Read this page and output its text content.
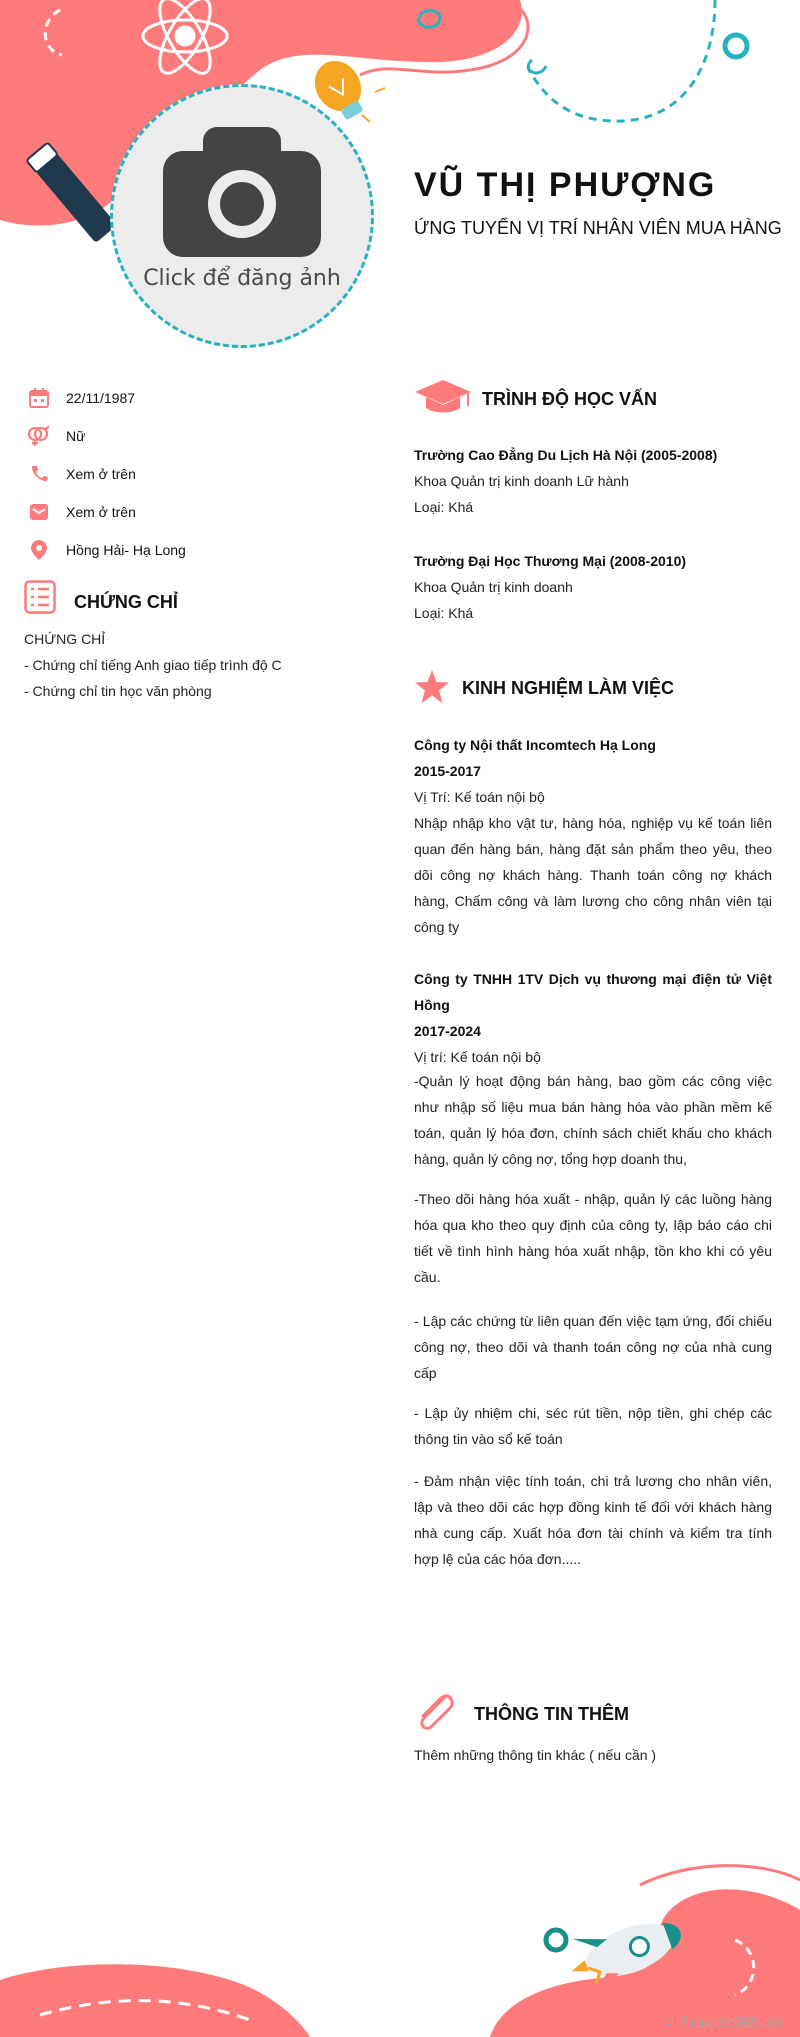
Click để đăng ảnh
VŨ THỊ PHƯỢNG
ỨNG TUYỂN VỊ TRÍ NHÂN VIÊN MUA HÀNG
22/11/1987
Nữ
Xem ở trên
Xem ở trên
Hồng Hải- Hạ Long
CHỨNG CHỈ
CHỨNG CHỈ
- Chứng chỉ tiếng Anh giao tiếp trình độ C
- Chứng chỉ tin học văn phòng
TRÌNH ĐỘ HỌC VẤN
Trường Cao Đẳng Du Lịch Hà Nội (2005-2008)
Khoa Quản trị kinh doanh Lữ hành
Loại: Khá
Trường Đại Học Thương Mại (2008-2010)
Khoa Quản trị kinh doanh
Loại: Khá
KINH NGHIỆM LÀM VIỆC
Công ty Nội thất Incomtech Hạ Long
2015-2017
Vị Trí: Kế toán nội bộ
Nhập nhập kho vật tư, hàng hóa, nghiệp vụ kế toán liên quan đến hàng bán, hàng đặt sản phẩm theo yêu, theo dõi công nợ khách hàng. Thanh toán công nợ khách hàng, Chấm công và làm lương cho công nhân viên tại công ty
Công ty TNHH 1TV Dịch vụ thương mại điện tử Việt Hồng
2017-2024
Vị trí: Kế toán nội bộ
-Quản lý hoạt động bán hàng, bao gồm các công việc như nhập số liệu mua bán hàng hóa vào phần mềm kế toán, quản lý hóa đơn, chính sách chiết khấu cho khách hàng, quản lý công nợ, tổng hợp doanh thu,
-Theo dõi hàng hóa xuất - nhập, quản lý các luồng hàng hóa qua kho theo quy định của công ty, lập báo cáo chi tiết về tình hình hàng hóa xuất nhập, tồn kho khi có yêu cầu.
- Lập các chứng từ liên quan đến việc tạm ứng, đối chiếu công nợ, theo dõi và thanh toán công nợ của nhà cung cấp
- Lập ủy nhiệm chi, séc rút tiền, nộp tiền, ghi chép các thông tin vào sổ kế toán
- Đảm nhận việc tính toán, chi trả lương cho nhân viên, lập và theo dõi các hợp đồng kinh tế đối với khách hàng nhà cung cấp. Xuất hóa đơn tài chính và kiểm tra tính hợp lệ của các hóa đơn.....
THÔNG TIN THÊM
Thêm những thông tin khác ( nếu cần )
∴ Timviec365.vn
